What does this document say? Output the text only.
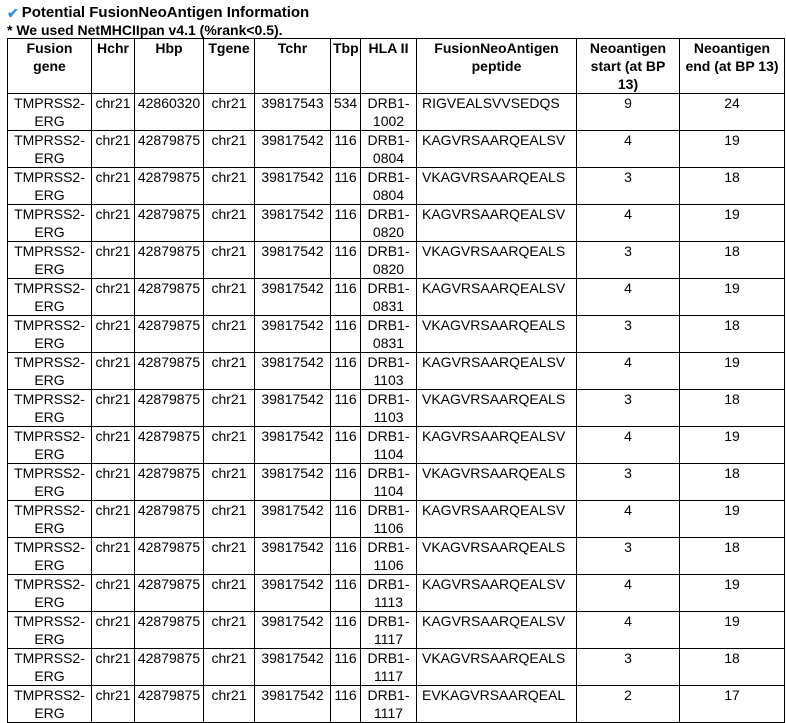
✔ Potential FusionNeoAntigen Information
* We used NetMHCIIpan v4.1 (%rank<0.5).
Fusion gene	Hchr	Hbp	Tgene	Tchr	Tbp	HLA II	FusionNeoAntigen peptide	Neoantigen start (at BP 13)	Neoantigen end (at BP 13)
TMPRSS2-ERG	chr21	42860320	chr21	39817543	534	DRB1-1002	RIGVEALSVVSEDQS	9	24
TMPRSS2-ERG	chr21	42879875	chr21	39817542	116	DRB1-0804	KAGVRSAARQEALSV	4	19
TMPRSS2-ERG	chr21	42879875	chr21	39817542	116	DRB1-0804	VKAGVRSAARQEALS	3	18
TMPRSS2-ERG	chr21	42879875	chr21	39817542	116	DRB1-0820	KAGVRSAARQEALSV	4	19
TMPRSS2-ERG	chr21	42879875	chr21	39817542	116	DRB1-0820	VKAGVRSAARQEALS	3	18
TMPRSS2-ERG	chr21	42879875	chr21	39817542	116	DRB1-0831	KAGVRSAARQEALSV	4	19
TMPRSS2-ERG	chr21	42879875	chr21	39817542	116	DRB1-0831	VKAGVRSAARQEALS	3	18
TMPRSS2-ERG	chr21	42879875	chr21	39817542	116	DRB1-1103	KAGVRSAARQEALSV	4	19
TMPRSS2-ERG	chr21	42879875	chr21	39817542	116	DRB1-1103	VKAGVRSAARQEALS	3	18
TMPRSS2-ERG	chr21	42879875	chr21	39817542	116	DRB1-1104	KAGVRSAARQEALSV	4	19
TMPRSS2-ERG	chr21	42879875	chr21	39817542	116	DRB1-1104	VKAGVRSAARQEALS	3	18
TMPRSS2-ERG	chr21	42879875	chr21	39817542	116	DRB1-1106	KAGVRSAARQEALSV	4	19
TMPRSS2-ERG	chr21	42879875	chr21	39817542	116	DRB1-1106	VKAGVRSAARQEALS	3	18
TMPRSS2-ERG	chr21	42879875	chr21	39817542	116	DRB1-1113	KAGVRSAARQEALSV	4	19
TMPRSS2-ERG	chr21	42879875	chr21	39817542	116	DRB1-1117	KAGVRSAARQEALSV	4	19
TMPRSS2-ERG	chr21	42879875	chr21	39817542	116	DRB1-1117	VKAGVRSAARQEALS	3	18
TMPRSS2-ERG	chr21	42879875	chr21	39817542	116	DRB1-1117	EVKAGVRSAARQEAL	2	17
